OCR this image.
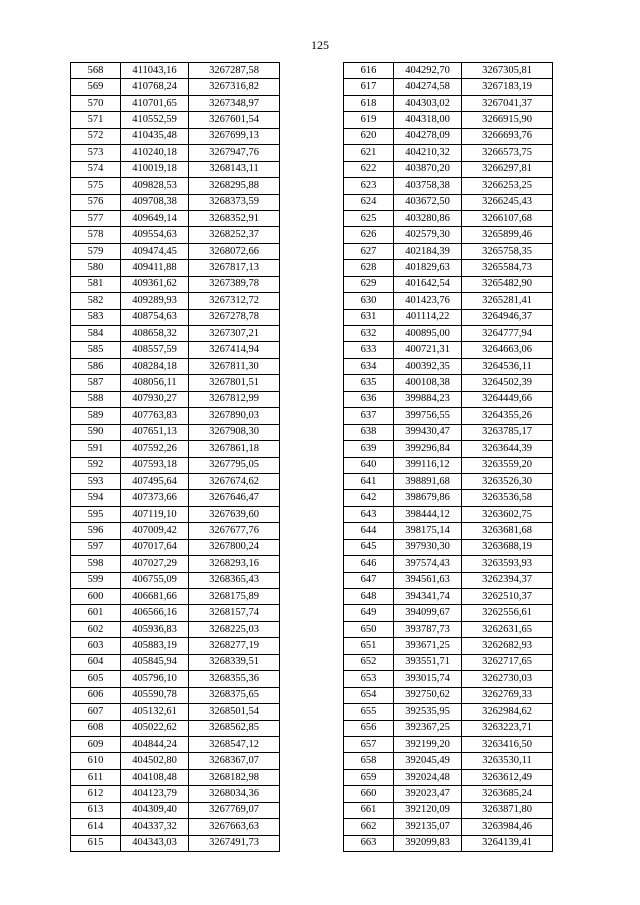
125
568	411043,16	3267287,58
569	410768,24	3267316,82
570	410701,65	3267348,97
571	410552,59	3267601,54
572	410435,48	3267699,13
573	410240,18	3267947,76
574	410019,18	3268143,11
575	409828,53	3268295,88
576	409708,38	3268373,59
577	409649,14	3268352,91
578	409554,63	3268252,37
579	409474,45	3268072,66
580	409411,88	3267817,13
581	409361,62	3267389,78
582	409289,93	3267312,72
583	408754,63	3267278,78
584	408658,32	3267307,21
585	408557,59	3267414,94
586	408284,18	3267811,30
587	408056,11	3267801,51
588	407930,27	3267812,99
589	407763,83	3267890,03
590	407651,13	3267908,30
591	407592,26	3267861,18
592	407593,18	3267795,05
593	407495,64	3267674,62
594	407373,66	3267646,47
595	407119,10	3267639,60
596	407009,42	3267677,76
597	407017,64	3267800,24
598	407027,29	3268293,16
599	406755,09	3268365,43
600	406681,66	3268175,89
601	406566,16	3268157,74
602	405936,83	3268225,03
603	405883,19	3268277,19
604	405845,94	3268339,51
605	405796,10	3268355,36
606	405590,78	3268375,65
607	405132,61	3268501,54
608	405022,62	3268562,85
609	404844,24	3268547,12
610	404502,80	3268367,07
611	404108,48	3268182,98
612	404123,79	3268034,36
613	404309,40	3267769,07
614	404337,32	3267663,63
615	404343,03	3267491,73
616	404292,70	3267305,81
617	404274,58	3267183,19
618	404303,02	3267041,37
619	404318,00	3266915,90
620	404278,09	3266693,76
621	404210,32	3266573,75
622	403870,20	3266297,81
623	403758,38	3266253,25
624	403672,50	3266245,43
625	403280,86	3266107,68
626	402579,30	3265899,46
627	402184,39	3265758,35
628	401829,63	3265584,73
629	401642,54	3265482,90
630	401423,76	3265281,41
631	401114,22	3264946,37
632	400895,00	3264777,94
633	400721,31	3264663,06
634	400392,35	3264536,11
635	400108,38	3264502,39
636	399884,23	3264449,66
637	399756,55	3264355,26
638	399430,47	3263785,17
639	399296,84	3263644,39
640	399116,12	3263559,20
641	398891,68	3263526,30
642	398679,86	3263536,58
643	398444,12	3263602,75
644	398175,14	3263681,68
645	397930,30	3263688,19
646	397574,43	3263593,93
647	394561,63	3262394,37
648	394341,74	3262510,37
649	394099,67	3262556,61
650	393787,73	3262631,65
651	393671,25	3262682,93
652	393551,71	3262717,65
653	393015,74	3262730,03
654	392750,62	3262769,33
655	392535,95	3262984,62
656	392367,25	3263223,71
657	392199,20	3263416,50
658	392045,49	3263530,11
659	392024,48	3263612,49
660	392023,47	3263685,24
661	392120,09	3263871,80
662	392135,07	3263984,46
663	392099,83	3264139,41
